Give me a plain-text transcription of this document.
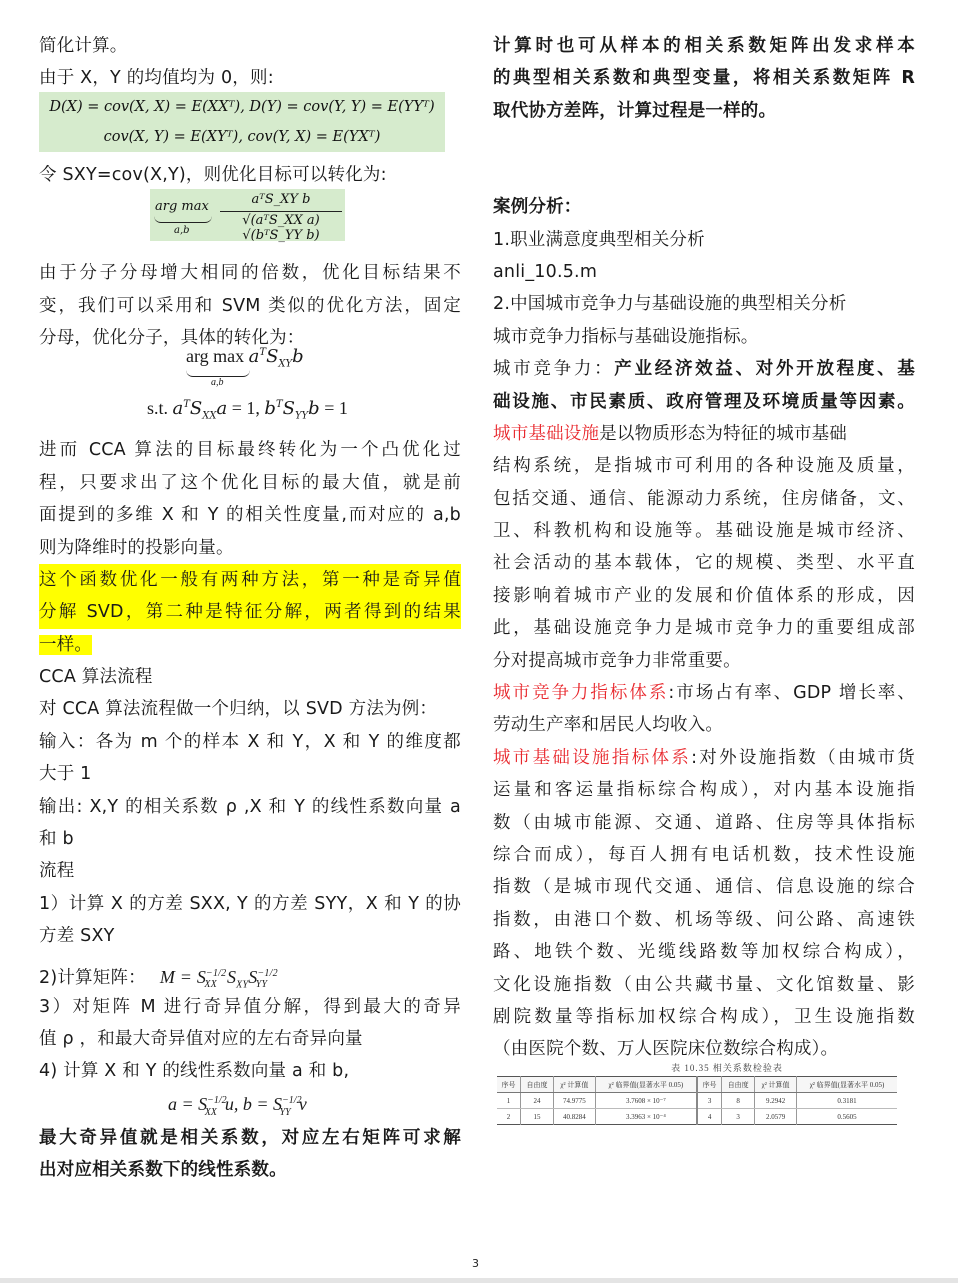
简化计算。
由于 X，Y 的均值均为 0，则:
令 SXY=cov(X,Y)，则优化目标可以转化为:
由于分子分母增大相同的倍数，优化目标结果不
变，我们可以采用和 SVM 类似的优化方法，固定
分母，优化分子，具体的转化为：
进而 CCA 算法的目标最终转化为一个凸优化过
程，只要求出了这个优化目标的最大值，就是前
面提到的多维 X 和 Y 的相关性度量,而对应的 a,b
则为降维时的投影向量。
这个函数优化一般有两种方法，第一种是奇异值
分解 SVD，第二种是特征分解，两者得到的结果
一样。
CCA 算法流程
对 CCA 算法流程做一个归纳，以 SVD 方法为例：
输入：各为 m 个的样本 X 和 Y，X 和 Y 的维度都
大于 1
输出: X,Y 的相关系数 ρ ,X 和 Y 的线性系数向量 a
和 b
流程
1）计算 X 的方差 SXX, Y 的方差 SYY，X 和 Y 的协
方差 SXY
2)计算矩阵： $M = S^{-1/2}_{XX}$ $S_{XY}S^{-1/2}_{YY}$
3）对矩阵 M 进行奇异值分解，得到最大的奇异
值 ρ ，和最大奇异值对应的左右奇异向量
4) 计算 X 和 Y 的线性系数向量 a 和 b,
最大奇异值就是相关系数，对应左右矩阵可求解
出对应相关系数下的线性系数。
D(X) = cov(X, X) = E(XXᵀ), D(Y) = cov(Y, Y) = E(YYᵀ)
cov(X, Y) = E(XYᵀ), cov(Y, X) = E(YXᵀ)
arg max
a,b
aᵀS_XY b
√(aᵀS_XX a) √(bᵀS_YY b)
arg $\max a^TS_{XY}b$
a,b
s.t. $a^TS_{XX}a = 1$, $b^TS_{YY}b = 1$
$a = S^{-1/2}_{XX}$ u, $b = S^{-1/2}_{YY}$ v
计算时也可从样本的相关系数矩阵出发求样本
的典型相关系数和典型变量，将相关系数矩阵 R
取代协方差阵，计算过程是一样的。
案例分析：
1.职业满意度典型相关分析
anli_10.5.m
2.中国城市竞争力与基础设施的典型相关分析
城市竞争力指标与基础设施指标。
城市竞争力：产业经济效益、对外开放程度、基
础设施、市民素质、政府管理及环境质量等因素。
城市基础设施是以物质形态为特征的城市基础
结构系统，是指城市可利用的各种设施及质量，
包括交通、通信、能源动力系统，住房储备，文、
卫、科教机构和设施等。基础设施是城市经济、
社会活动的基本载体，它的规模、类型、水平直
接影响着城市产业的发展和价值体系的形成，因
此，基础设施竞争力是城市竞争力的重要组成部
分对提高城市竞争力非常重要。
城市竞争力指标体系:市场占有率、GDP 增长率、
劳动生产率和居民人均收入。
城市基础设施指标体系:对外设施指数（由城市货
运量和客运量指标综合构成），对内基本设施指
数（由城市能源、交通、道路、住房等具体指标
综合而成），每百人拥有电话机数，技术性设施
指数（是城市现代交通、通信、信息设施的综合
指数，由港口个数、机场等级、问公路、高速铁
路、地铁个数、光缆线路数等加权综合构成），
文化设施指数（由公共藏书量、文化馆数量、影
剧院数量等指标加权综合构成），卫生设施指数
（由医院个数、万人医院床位数综合构成）。
表 10.35 相关系数检验表
序号	自由度	χ² 计算值	χ² 临界值(显著水平 0.05)	序号	自由度	χ² 计算值	χ² 临界值(显著水平 0.05)
1	24	74.9775	3.7608 × 10⁻⁷	3	8	9.2942	0.3181
2	15	40.8284	3.3963 × 10⁻⁴	4	3	2.0579	0.5605
3
